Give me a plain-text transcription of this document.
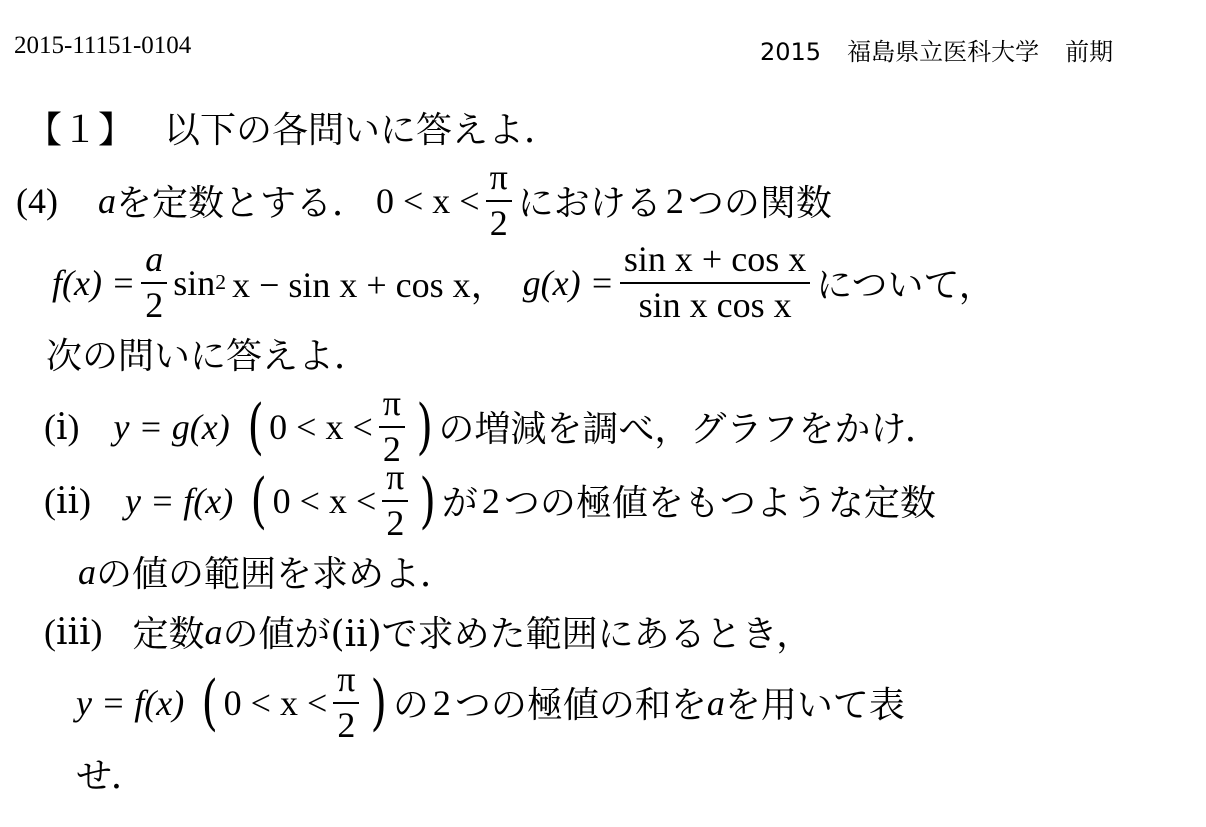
2015-11151-0104	2015 福島県立医科大学 前期
【１】 以下の各問いに答えよ．
(4) a を定数とする． $0 < x < \frac{\pi}{2}$ における 2 つの関数
$f(x) = \frac{a}{2}$ sin 2 x − sin x + cos x， $g(x) = \frac{\text{sin x + cos x}}{\text{sin x cos x}}$ について，
次の問いに答えよ．
(ⅰ) y = g(x) ( $0 < x < \frac{\pi}{2}$ ) の増減を調べ，グラフをかけ．
(ⅱ) y = f(x) ( $0 < x < \frac{\pi}{2}$ ) が 2 つの極値をもつような定数
a の値の範囲を求めよ．
(ⅲ) 定数 a の値が(ⅱ)で求めた範囲にあるとき，
y = f(x) ( $0 < x < \frac{\pi}{2}$ ) の 2 つの極値の和を a を用いて表
せ．
